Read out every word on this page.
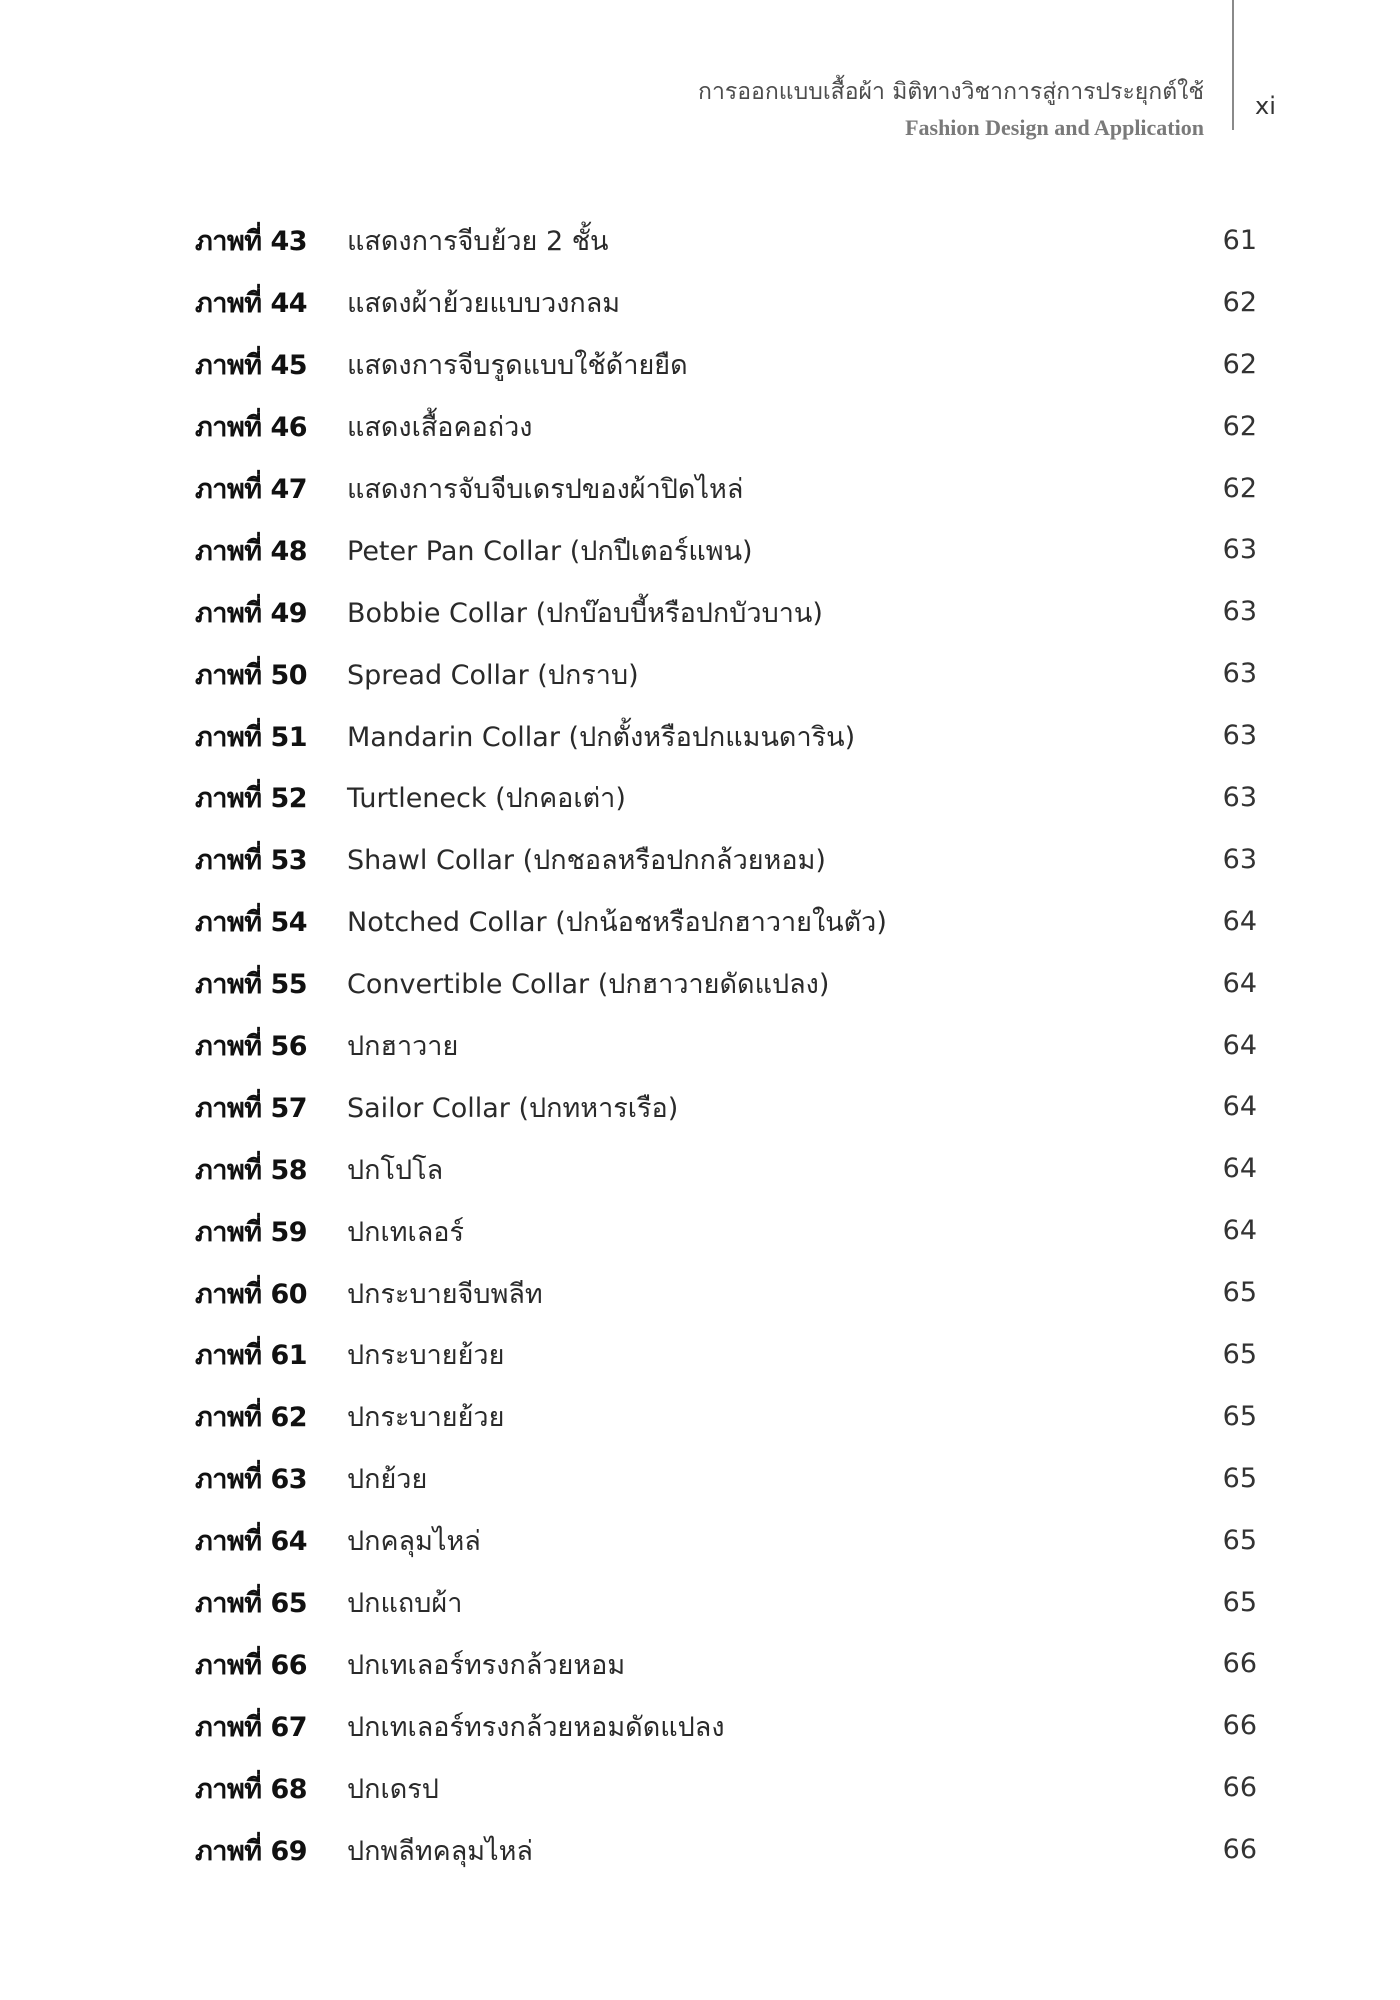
การออกแบบเสื้อผ้า มิติทางวิชาการสู่การประยุกต์ใช้
Fashion Design and Application
xi
ภาพที่ 43	แสดงการจีบย้วย 2 ชั้น	61
ภาพที่ 44	แสดงผ้าย้วยแบบวงกลม	62
ภาพที่ 45	แสดงการจีบรูดแบบใช้ด้ายยืด	62
ภาพที่ 46	แสดงเสื้อคอถ่วง	62
ภาพที่ 47	แสดงการจับจีบเดรปของผ้าปิดไหล่	62
ภาพที่ 48	Peter Pan Collar (ปกปีเตอร์แพน)	63
ภาพที่ 49	Bobbie Collar (ปกบ๊อบบี้หรือปกบัวบาน)	63
ภาพที่ 50	Spread Collar (ปกราบ)	63
ภาพที่ 51	Mandarin Collar (ปกตั้งหรือปกแมนดาริน)	63
ภาพที่ 52	Turtleneck (ปกคอเต่า)	63
ภาพที่ 53	Shawl Collar (ปกชอลหรือปกกล้วยหอม)	63
ภาพที่ 54	Notched Collar (ปกน้อชหรือปกฮาวายในตัว)	64
ภาพที่ 55	Convertible Collar (ปกฮาวายดัดแปลง)	64
ภาพที่ 56	ปกฮาวาย	64
ภาพที่ 57	Sailor Collar (ปกทหารเรือ)	64
ภาพที่ 58	ปกโปโล	64
ภาพที่ 59	ปกเทเลอร์	64
ภาพที่ 60	ปกระบายจีบพลีท	65
ภาพที่ 61	ปกระบายย้วย	65
ภาพที่ 62	ปกระบายย้วย	65
ภาพที่ 63	ปกย้วย	65
ภาพที่ 64	ปกคลุมไหล่	65
ภาพที่ 65	ปกแถบผ้า	65
ภาพที่ 66	ปกเทเลอร์ทรงกล้วยหอม	66
ภาพที่ 67	ปกเทเลอร์ทรงกล้วยหอมดัดแปลง	66
ภาพที่ 68	ปกเดรป	66
ภาพที่ 69	ปกพลีทคลุมไหล่	66
